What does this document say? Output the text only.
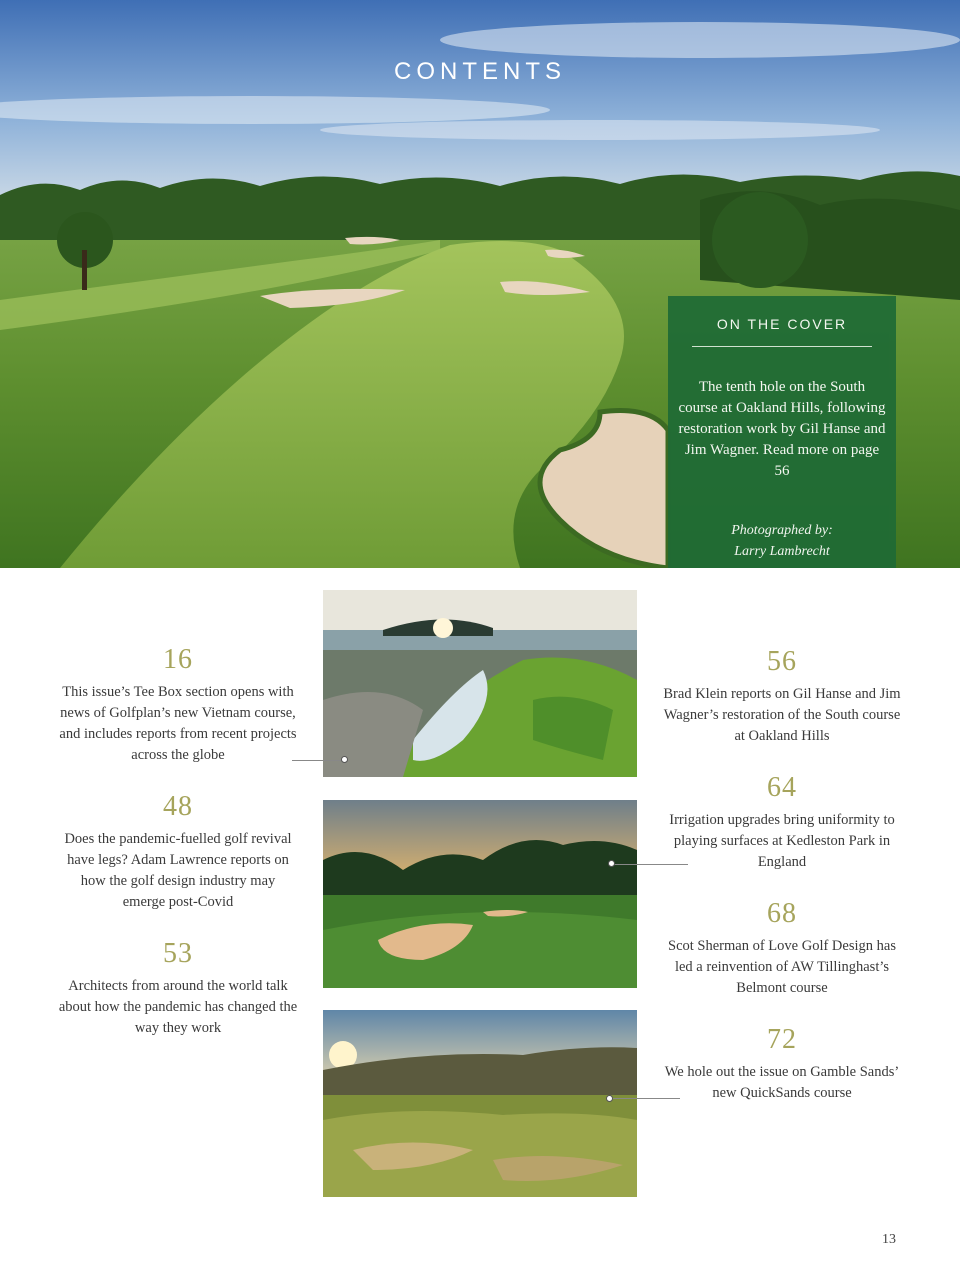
CONTENTS
ON THE COVER
The tenth hole on the South course at Oakland Hills, following restoration work by Gil Hanse and Jim Wagner. Read more on page 56
Photographed by:
Larry Lambrecht
16
This issue’s Tee Box section opens with news of Golfplan’s new Vietnam course, and includes reports from recent projects across the globe
48
Does the pandemic-fuelled golf revival have legs? Adam Lawrence reports on how the golf design industry may emerge post-Covid
53
Architects from around the world talk about how the pandemic has changed the way they work
56
Brad Klein reports on Gil Hanse and Jim Wagner’s restoration of the South course at Oakland Hills
64
Irrigation upgrades bring uniformity to playing surfaces at Kedleston Park in England
68
Scot Sherman of Love Golf Design has led a reinvention of AW Tillinghast’s Belmont course
72
We hole out the issue on Gamble Sands’ new QuickSands course
13
